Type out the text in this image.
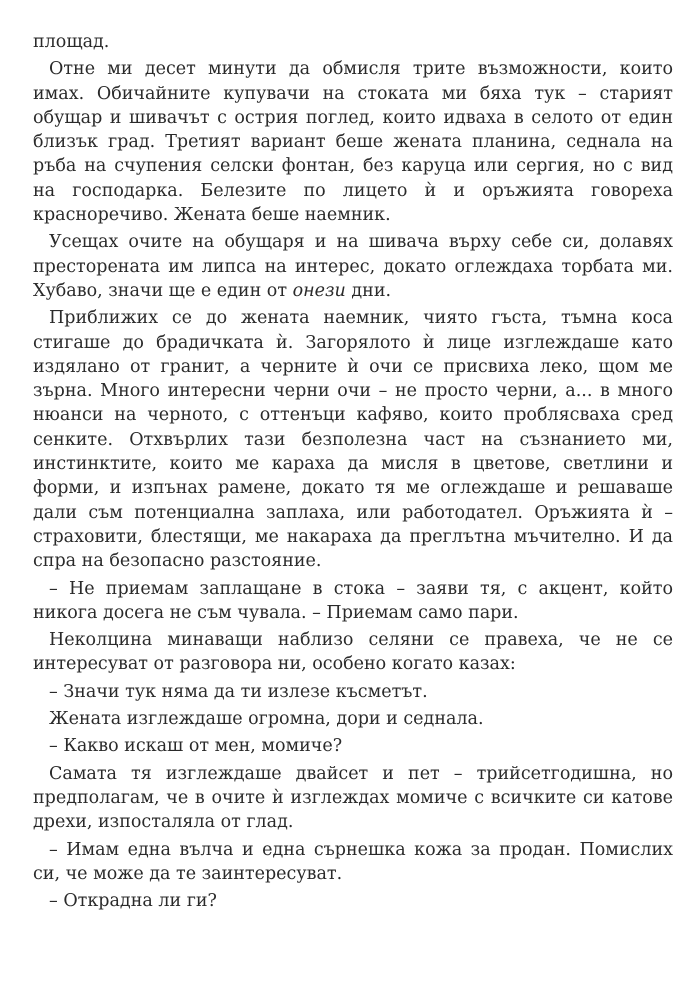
площад.

Отне ми десет минути да обмисля трите възможности, които имах. Обичайните купувачи на стоката ми бяха тук – старият обущар и шивачът с острия поглед, които идваха в селото от един близък град. Третият вариант беше жената планина, седнала на ръба на счупения селски фонтан, без каруца или сергия, но с вид на господарка. Белезите по лицето ѝ и оръжията говореха красноречиво. Жената беше наемник.

Усещах очите на обущаря и на шивача върху себе си, долавях престорената им липса на интерес, докато оглеждаха торбата ми. Хубаво, значи ще е един от онези дни.

Приближих се до жената наемник, чиято гъста, тъмна коса стигаше до брадичката ѝ. Загорялото ѝ лице изглеждаше като издялано от гранит, а черните ѝ очи се присвиха леко, щом ме зърна. Много интересни черни очи – не просто черни, а... в много нюанси на черното, с оттенъци кафяво, които проблясваха сред сенките. Отхвърлих тази безполезна част на съзнанието ми, инстинктите, които ме караха да мисля в цветове, светлини и форми, и изпънах рамене, докато тя ме оглеждаше и решаваше дали съм потенциална заплаха, или работодател. Оръжията ѝ – страховити, блестящи, ме накараха да преглътна мъчително. И да спра на безопасно разстояние.

– Не приемам заплащане в стока – заяви тя, с акцент, който никога досега не съм чувала. – Приемам само пари.

Неколцина минаващи наблизо селяни се правеха, че не се интересуват от разговора ни, особено когато казах:

– Значи тук няма да ти излезе късметът.

Жената изглеждаше огромна, дори и седнала.

– Какво искаш от мен, момиче?

Самата тя изглеждаше двайсет и пет – трийсетгодишна, но предполагам, че в очите ѝ изглеждах момиче с всичките си катове дрехи, изпосталяла от глад.

– Имам една вълча и една сърнешка кожа за продан. Помислих си, че може да те заинтересуват.

– Открадна ли ги?
